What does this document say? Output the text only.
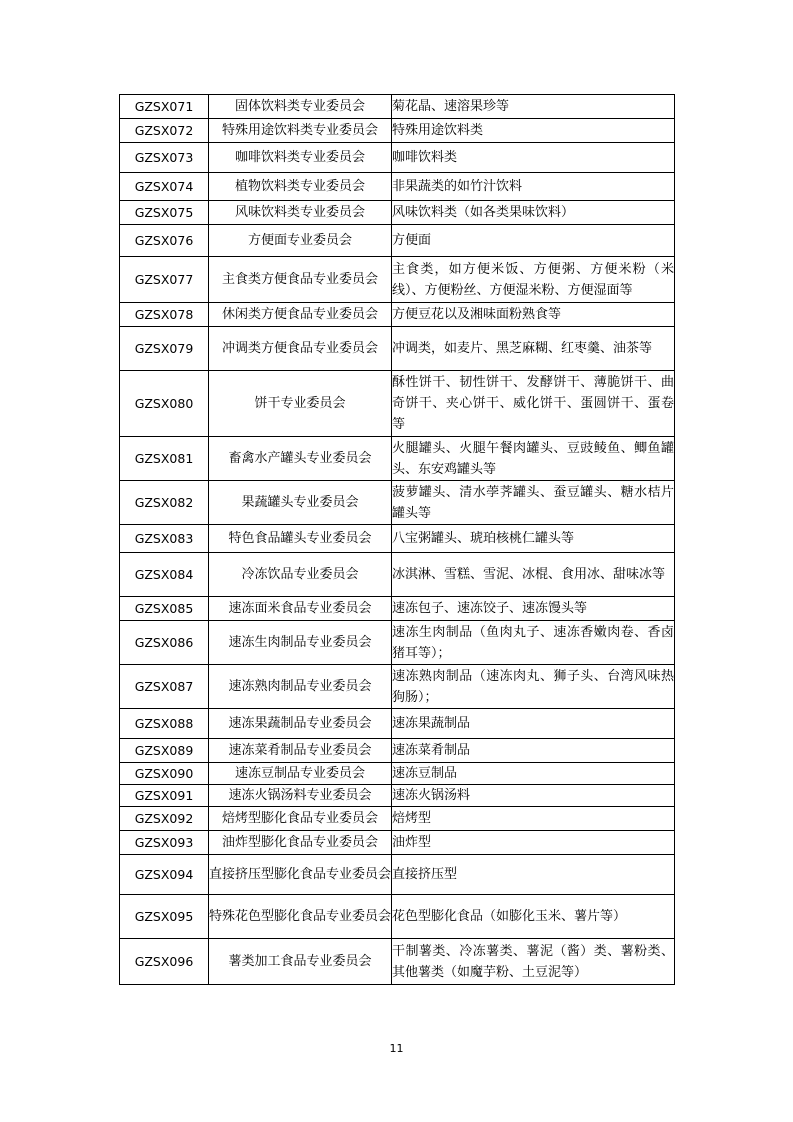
GZSX071	固体饮料类专业委员会	菊花晶、速溶果珍等
GZSX072	特殊用途饮料类专业委员会	特殊用途饮料类
GZSX073	咖啡饮料类专业委员会	咖啡饮料类
GZSX074	植物饮料类专业委员会	非果蔬类的如竹汁饮料
GZSX075	风味饮料类专业委员会	风味饮料类（如各类果味饮料）
GZSX076	方便面专业委员会	方便面
GZSX077	主食类方便食品专业委员会	主食类，如方便米饭、方便粥、方便米粉（米线）、方便粉丝、方便湿米粉、方便湿面等
GZSX078	休闲类方便食品专业委员会	方便豆花以及湘味面粉熟食等
GZSX079	冲调类方便食品专业委员会	冲调类，如麦片、黑芝麻糊、红枣羹、油茶等
GZSX080	饼干专业委员会	酥性饼干、韧性饼干、发酵饼干、薄脆饼干、曲奇饼干、夹心饼干、威化饼干、蛋圆饼干、蛋卷等
GZSX081	畜禽水产罐头专业委员会	火腿罐头、火腿午餐肉罐头、豆豉鲮鱼、鲫鱼罐头、东安鸡罐头等
GZSX082	果蔬罐头专业委员会	菠萝罐头、清水荸荠罐头、蚕豆罐头、糖水桔片罐头等
GZSX083	特色食品罐头专业委员会	八宝粥罐头、琥珀核桃仁罐头等
GZSX084	冷冻饮品专业委员会	冰淇淋、雪糕、雪泥、冰棍、食用冰、甜味冰等
GZSX085	速冻面米食品专业委员会	速冻包子、速冻饺子、速冻馒头等
GZSX086	速冻生肉制品专业委员会	速冻生肉制品（鱼肉丸子、速冻香嫩肉卷、香卤猪耳等）；
GZSX087	速冻熟肉制品专业委员会	速冻熟肉制品（速冻肉丸、狮子头、台湾风味热狗肠）；
GZSX088	速冻果蔬制品专业委员会	速冻果蔬制品
GZSX089	速冻菜肴制品专业委员会	速冻菜肴制品
GZSX090	速冻豆制品专业委员会	速冻豆制品
GZSX091	速冻火锅汤料专业委员会	速冻火锅汤料
GZSX092	焙烤型膨化食品专业委员会	焙烤型
GZSX093	油炸型膨化食品专业委员会	油炸型
GZSX094	直接挤压型膨化食品专业委员会	直接挤压型
GZSX095	特殊花色型膨化食品专业委员会	花色型膨化食品（如膨化玉米、薯片等）
GZSX096	薯类加工食品专业委员会	干制薯类、冷冻薯类、薯泥（酱）类、薯粉类、其他薯类（如魔芋粉、土豆泥等）
11
